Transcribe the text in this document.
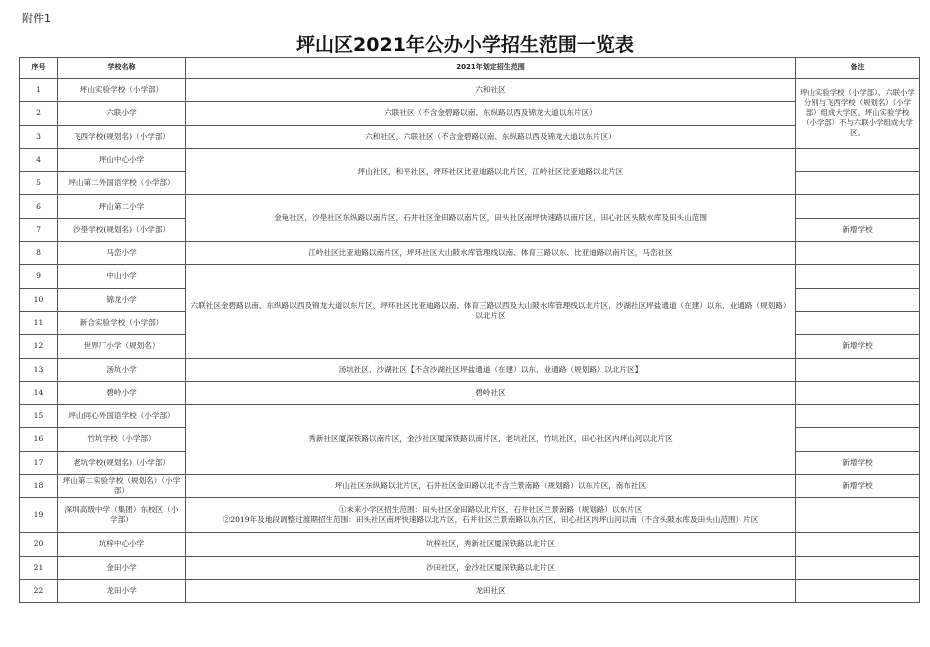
附件1
坪山区2021年公办小学招生范围一览表
序号	学校名称	2021年划定招生范围	备注
1	坪山实验学校（小学部）	六和社区	坪山实验学校（小学部）、六联小学分别与飞西学校（规划名）（小学部）组成大学区。坪山实验学校（小学部）不与六联小学组成大学区。
2	六联小学	六联社区（不含金碧路以南、东纵路以西及锦龙大道以东片区）	
3	飞西学校(规划名)（小学部）	六和社区，六联社区（不含金碧路以南、东纵路以西及锦龙大道以东片区）	
4	坪山中心小学	坪山社区，和平社区，坪环社区比亚迪路以北片区，江岭社区比亚迪路以北片区	
5	坪山第二外国语学校（小学部）		
6	坪山第二小学	金龟社区，沙壆社区东纵路以南片区，石井社区金田路以南片区，田头社区南坪快速路以南片区，田心社区头陂水库及田头山范围	
7	沙壆学校(规划名)（小学部）		新增学校
8	马峦小学	江岭社区比亚迪路以南片区，坪环社区大山陂水库管理线以南、体育三路以东、比亚迪路以南片区，马峦社区	
9	中山小学	六联社区金碧路以南、东纵路以西及锦龙大道以东片区，坪环社区比亚迪路以南、体育三路以西及大山陂水库管理线以北片区，沙湖社区坪盐通道（在建）以东、业通路（规划路）以北片区	
10	锦龙小学		
11	新合实验学校（小学部）		
12	世界厂小学（规划名）		新增学校
13	汤坑小学	汤坑社区、沙湖社区【不含沙湖社区坪盐通道（在建）以东、业通路（规划路）以北片区】	
14	碧岭小学	碧岭社区	
15	坪山同心外国语学校（小学部）	秀新社区厦深铁路以南片区，金沙社区厦深铁路以南片区，老坑社区，竹坑社区，田心社区内坪山河以北片区	
16	竹坑学校（小学部）		
17	老坑学校(规划名)（小学部）		新增学校
18	坪山第二实验学校（规划名）（小学部）	坪山社区东纵路以北片区，石井社区金田路以北不含兰景南路（规划路）以东片区，南布社区	新增学校
19	深圳高级中学（集团）东校区（小学部）	①未来小学区招生范围：田头社区金田路以北片区，石井社区兰景南路（规划路）以东片区
②2019年及地段调整过渡期招生范围：田头社区南坪快速路以北片区，石井社区兰景南路以东片区，田心社区内坪山河以南（不含头陂水库及田头山范围）片区	

20	坑梓中心小学	坑梓社区，秀新社区厦深铁路以北片区	
21	金田小学	沙田社区，金沙社区厦深铁路以北片区	
22	龙田小学	龙田社区	
